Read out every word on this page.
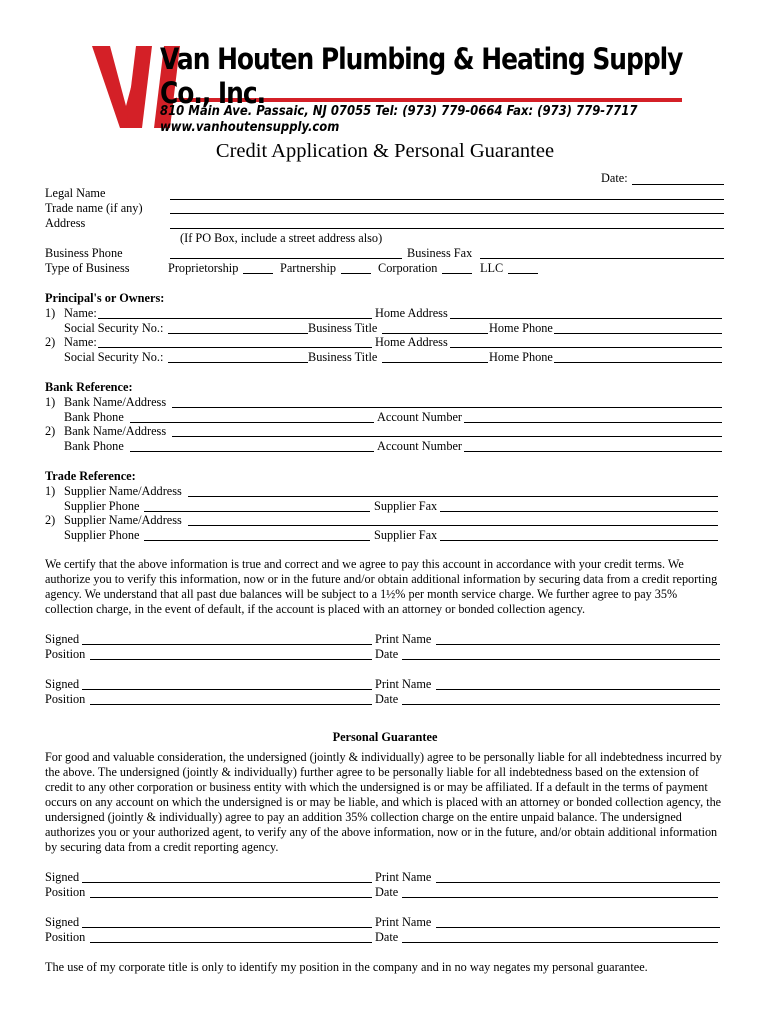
Van Houten Plumbing & Heating Supply Co., Inc.
810 Main Ave. Passaic, NJ 07055 Tel: (973) 779-0664 Fax: (973) 779-7717 www.vanhoutensupply.com
Credit Application & Personal Guarantee
Date:
Legal Name
Trade name (if any)
Address
(If PO Box, include a street address also)
Business Phone	Business Fax
Type of Business	Proprietorship	Partnership	Corporation	LLC
Principal's or Owners:
1) Name:	Home Address
Social Security No.:	Business Title	Home Phone
2) Name:	Home Address
Social Security No.:	Business Title	Home Phone
Bank Reference:
1) Bank Name/Address
Bank Phone	Account Number
2) Bank Name/Address
Bank Phone	Account Number
Trade Reference:
1) Supplier Name/Address
Supplier Phone	Supplier Fax
2) Supplier Name/Address
Supplier Phone	Supplier Fax
We certify that the above information is true and correct and we agree to pay this account in accordance with your credit terms. We authorize you to verify this information, now or in the future and/or obtain additional information by securing data from a credit reporting agency. We understand that all past due balances will be subject to a 1½% per month service charge. We further agree to pay 35% collection charge, in the event of default, if the account is placed with an attorney or bonded collection agency.
Signed	Print Name
Position	Date
Signed	Print Name
Position	Date
Personal Guarantee
For good and valuable consideration, the undersigned (jointly & individually) agree to be personally liable for all indebtedness incurred by the above. The undersigned (jointly & individually) further agree to be personally liable for all indebtedness based on the extension of credit to any other corporation or business entity with which the undersigned is or may be affiliated. If a default in the terms of payment occurs on any account on which the undersigned is or may be liable, and which is placed with an attorney or bonded collection agency, the undersigned (jointly & individually) agree to pay an addition 35% collection charge on the entire unpaid balance. The undersigned authorizes you or your authorized agent, to verify any of the above information, now or in the future, and/or obtain additional information by securing data from a credit reporting agency.
Signed	Print Name
Position	Date
Signed	Print Name
Position	Date
The use of my corporate title is only to identify my position in the company and in no way negates my personal guarantee.
